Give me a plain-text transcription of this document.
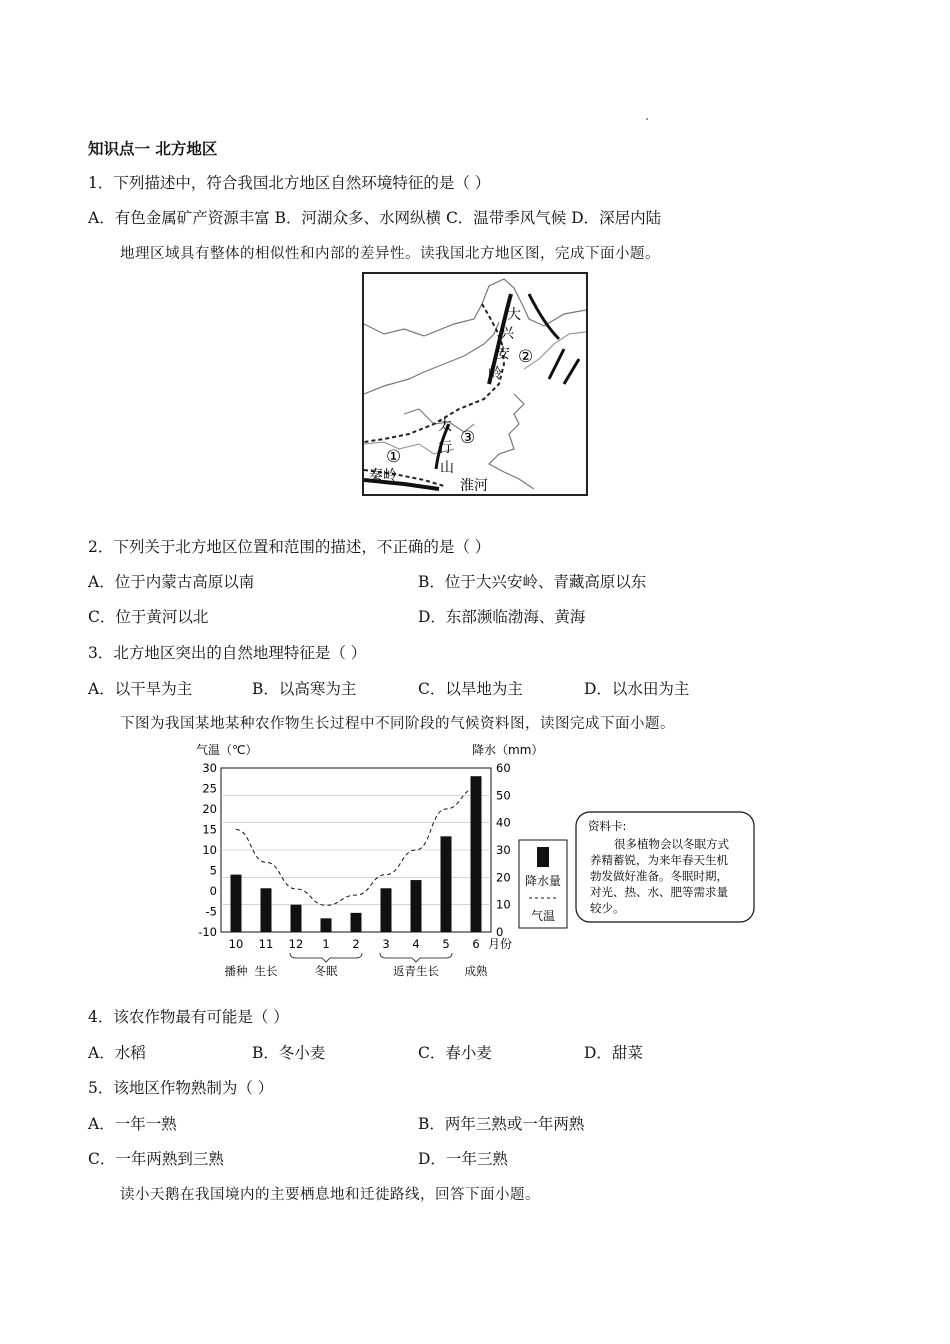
知识点一 北方地区
1．下列描述中，符合我国北方地区自然环境特征的是（ ）
A．有色金属矿产资源丰富 B．河湖众多、水网纵横 C．温带季风气候 D．深居内陆
地理区域具有整体的相似性和内部的差异性。读我国北方地区图，完成下面小题。
大
兴
安
岭
②
太
行
山
③
①
秦岭
淮河
2．下列关于北方地区位置和范围的描述，不正确的是（ ）
A．位于内蒙古高原以南	B．位于大兴安岭、青藏高原以东
C．位于黄河以北	D．东部濒临渤海、黄海
3．北方地区突出的自然地理特征是（ ）
A．以干旱为主	B．以高寒为主	C．以旱地为主	D．以水田为主
下图为我国某地某种农作物生长过程中不同阶段的气候资料图，读图完成下面小题。
气温（℃）	降水（mm）
30
25
20
15
10
5
0
-5
-10
60
50
40
30
20
10
0
10 11 12 1 2 3 4 5 6 月份
播种 生长	冬眠	返青生长 成熟
降水量
气温
资料卡:
很多植物会以冬眠方式
养精蓄锐，为来年春天生机
勃发做好准备。冬眠时期，
对光、热、水、肥等需求量
较少。
4．该农作物最有可能是（ ）
A．水稻	B．冬小麦	C．春小麦	D．甜菜
5．该地区作物熟制为（ ）
A．一年一熟	B．两年三熟或一年两熟
C．一年两熟到三熟	D．一年三熟
读小天鹅在我国境内的主要栖息地和迁徙路线，回答下面小题。
